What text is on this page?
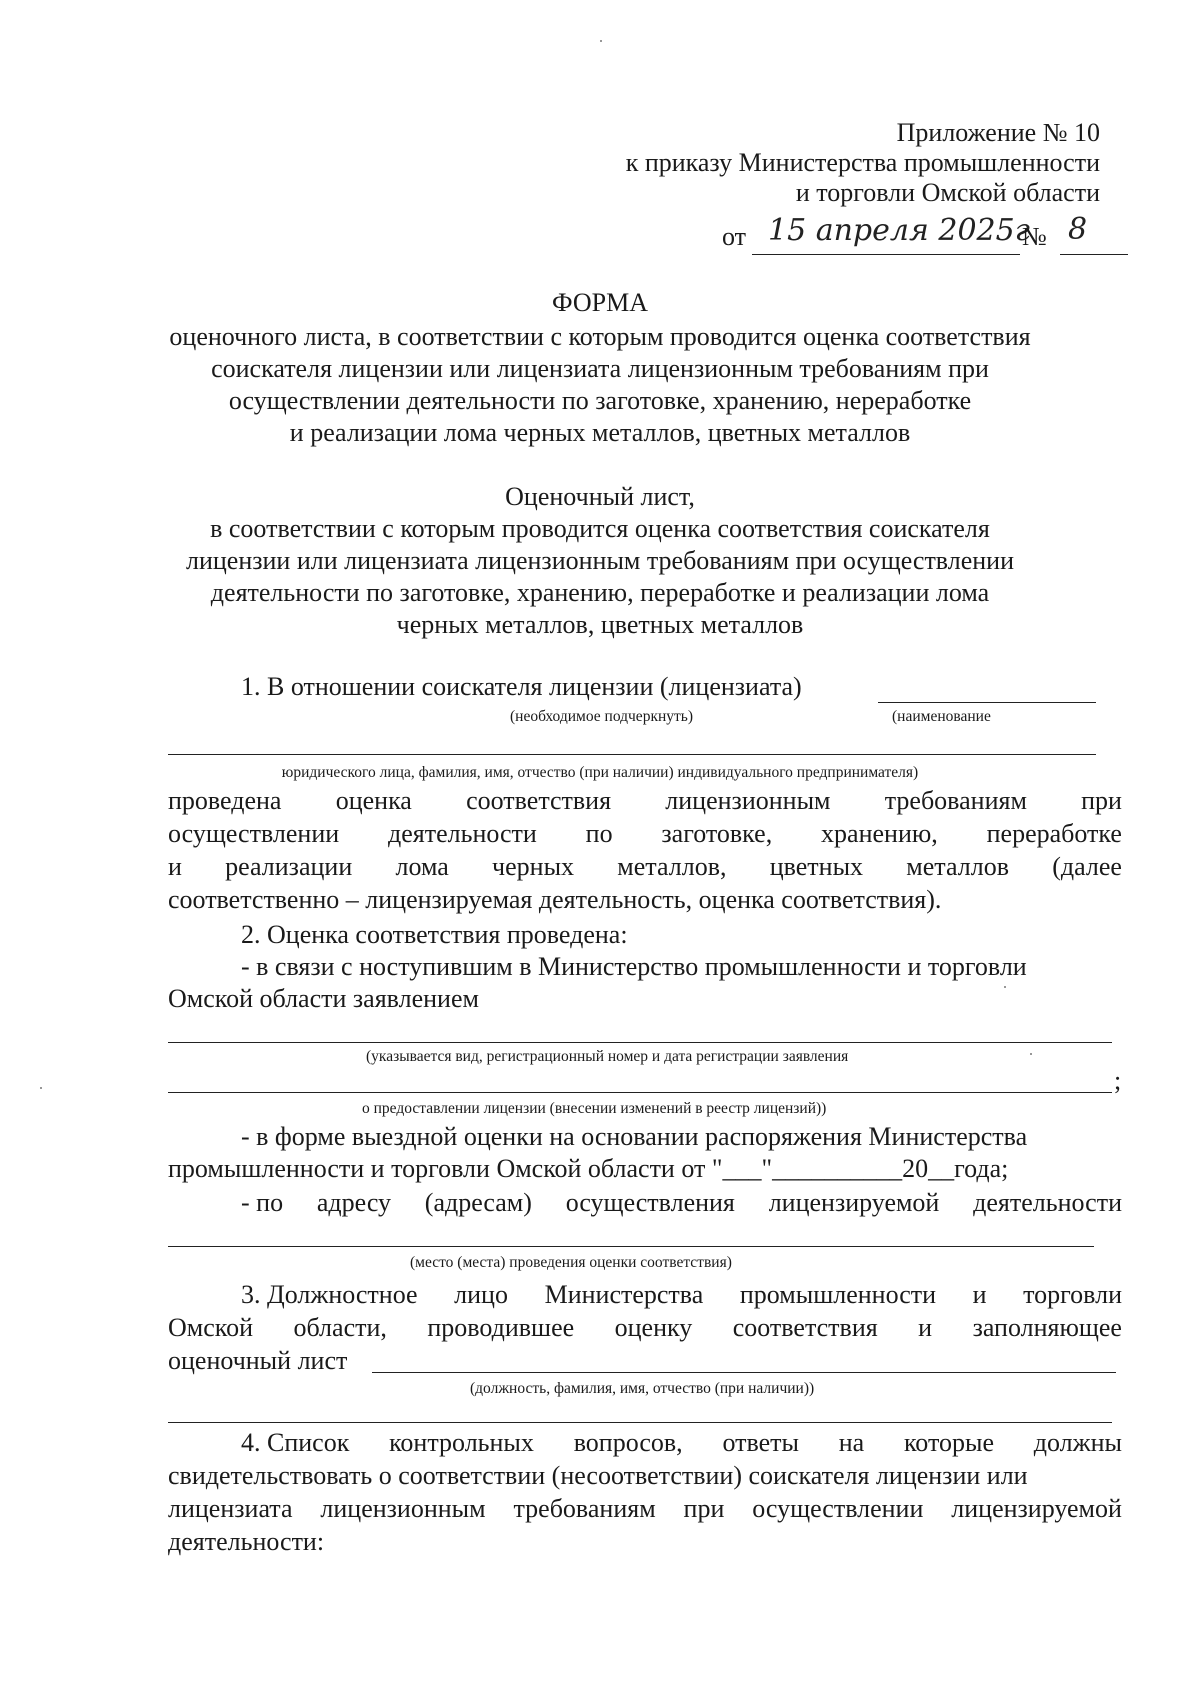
Приложение № 10
к приказу Министерства промышленности
и торговли Омской области
от 15 апреля 2025г
№ 8
ФОРМА
оценочного листа, в соответствии с которым проводится оценка соответствия
соискателя лицензии или лицензиата лицензионным требованиям при
осуществлении деятельности по заготовке, хранению, нереработке
и реализации лома черных металлов, цветных металлов
Оценочный лист,
в соответствии с которым проводится оценка соответствия соискателя
лицензии или лицензиата лицензионным требованиям при осуществлении
деятельности по заготовке, хранению, переработке и реализации лома
черных металлов, цветных металлов
1. В отношении соискателя лицензии (лицензиата)
(необходимое подчеркнуть)	(наименование
юридического лица, фамилия, имя, отчество (при наличии) индивидуального предпринимателя)
проведена оценка соответствия лицензионным требованиям при
осуществлении деятельности по заготовке, хранению, переработке
и реализации лома черных металлов, цветных металлов (далее
соответственно – лицензируемая деятельность, оценка соответствия).
2. Оценка соответствия проведена:
- в связи с ноступившим в Министерство промышленности и торговли
Омской области заявлением
(указывается вид, регистрационный номер и дата регистрации заявления
;
о предоставлении лицензии (внесении изменений в реестр лицензий))
- в форме выездной оценки на основании распоряжения Министерства
промышленности и торговли Омской области от "___"__________20__года;
- по адресу (адресам) осуществления лицензируемой деятельности
(место (места) проведения оценки соответствия)
3. Должностное лицо Министерства промышленности и торговли
Омской области, проводившее оценку соответствия и заполняющее
оценочный лист
(должность, фамилия, имя, отчество (при наличии))
4. Список контрольных вопросов, ответы на которые должны
свидетельствовать о соответствии (несоответствии) соискателя лицензии или
лицензиата лицензионным требованиям при осуществлении лицензируемой
деятельности:
